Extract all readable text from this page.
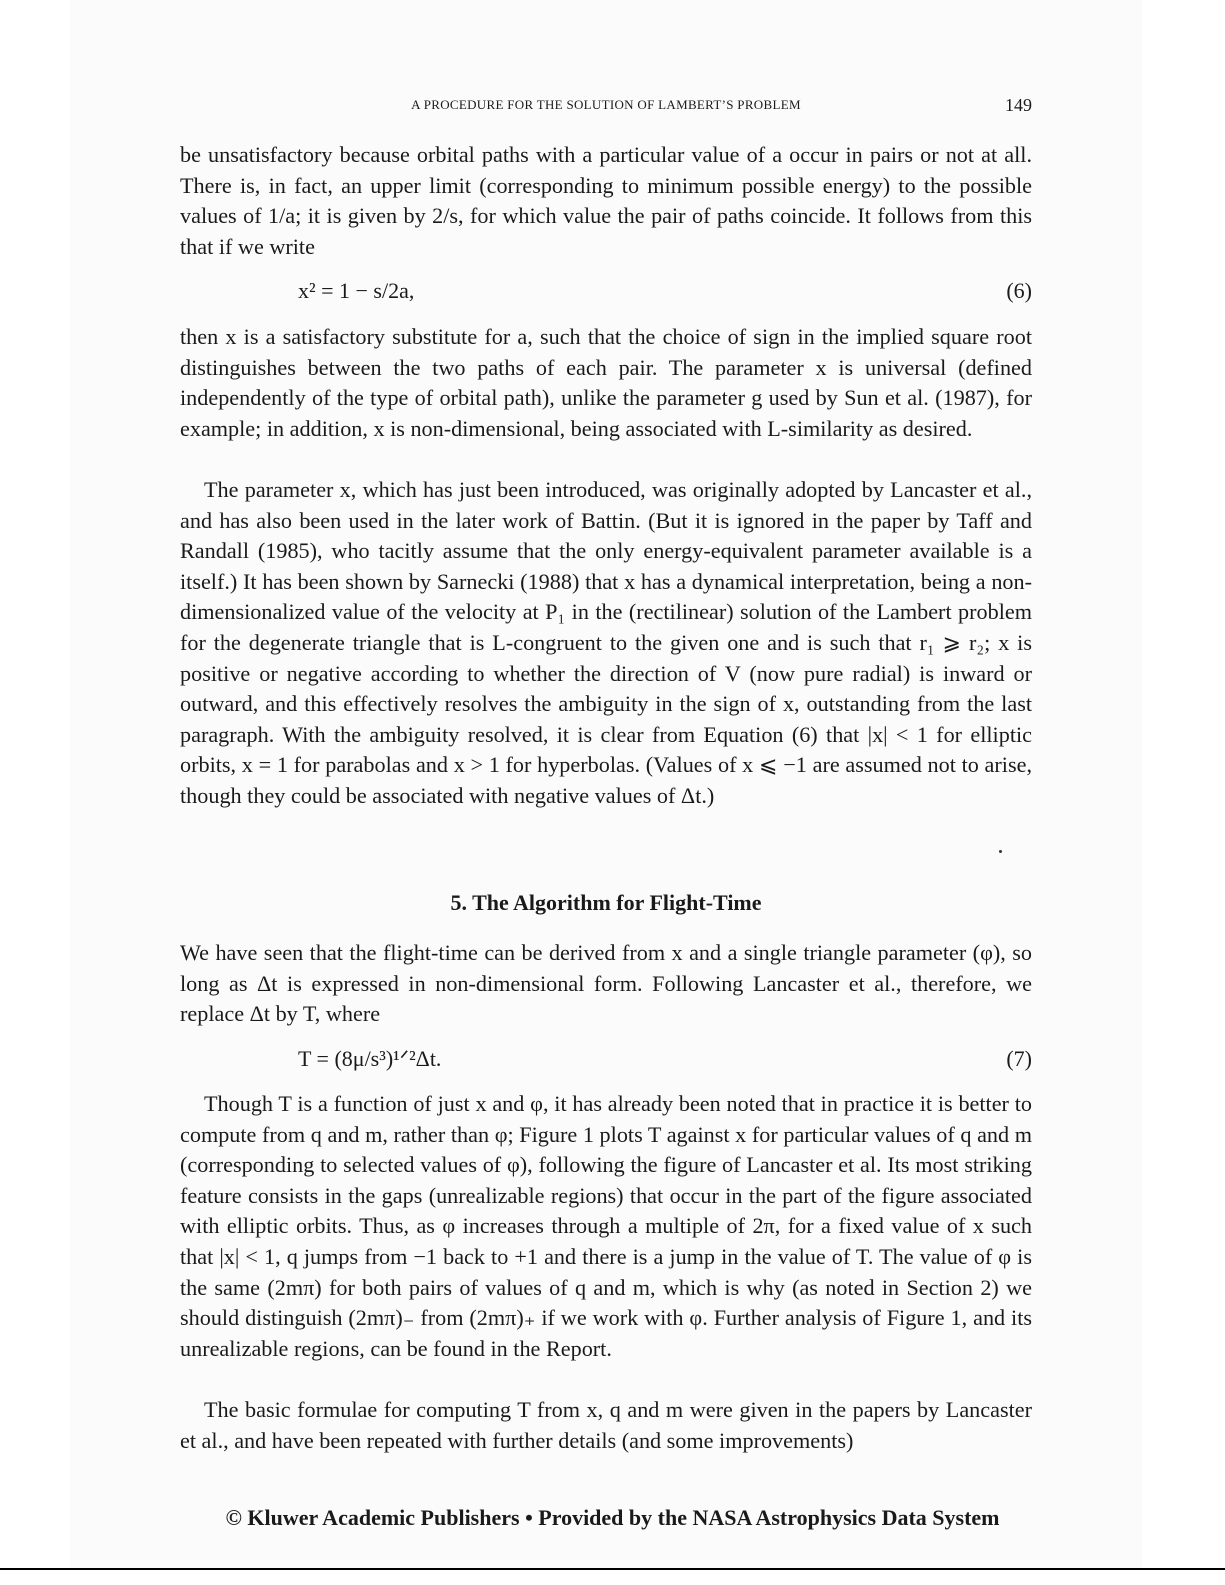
A PROCEDURE FOR THE SOLUTION OF LAMBERT’S PROBLEM	149

be unsatisfactory because orbital paths with a particular value of a occur in pairs or not at all. There is, in fact, an upper limit (corresponding to minimum possible energy) to the possible values of 1/a; it is given by 2/s, for which value the pair of paths coincide. It follows from this that if we write

x² = 1 − s/2a,	(6)

then x is a satisfactory substitute for a, such that the choice of sign in the implied square root distinguishes between the two paths of each pair. The parameter x is universal (defined independently of the type of orbital path), unlike the parameter g used by Sun et al. (1987), for example; in addition, x is non-dimensional, being associated with L-similarity as desired.

The parameter x, which has just been introduced, was originally adopted by Lancaster et al., and has also been used in the later work of Battin. (But it is ignored in the paper by Taff and Randall (1985), who tacitly assume that the only energy-equivalent parameter available is a itself.) It has been shown by Sarnecki (1988) that x has a dynamical interpretation, being a non-dimensionalized value of the velocity at P₁ in the (rectilinear) solution of the Lambert problem for the degenerate triangle that is L-congruent to the given one and is such that r₁ ⩾ r₂; x is positive or negative according to whether the direction of V (now pure radial) is inward or outward, and this effectively resolves the ambiguity in the sign of x, outstanding from the last paragraph. With the ambiguity resolved, it is clear from Equation (6) that |x| < 1 for elliptic orbits, x = 1 for parabolas and x > 1 for hyperbolas. (Values of x ⩽ −1 are assumed not to arise, though they could be associated with negative values of Δt.)

5. The Algorithm for Flight-Time

We have seen that the flight-time can be derived from x and a single triangle parameter (φ), so long as Δt is expressed in non-dimensional form. Following Lancaster et al., therefore, we replace Δt by T, where

T = (8μ/s³)¹ᐟ²Δt.	(7)

Though T is a function of just x and φ, it has already been noted that in practice it is better to compute from q and m, rather than φ; Figure 1 plots T against x for particular values of q and m (corresponding to selected values of φ), following the figure of Lancaster et al. Its most striking feature consists in the gaps (unrealizable regions) that occur in the part of the figure associated with elliptic orbits. Thus, as φ increases through a multiple of 2π, for a fixed value of x such that |x| < 1, q jumps from −1 back to +1 and there is a jump in the value of T. The value of φ is the same (2mπ) for both pairs of values of q and m, which is why (as noted in Section 2) we should distinguish (2mπ)₋ from (2mπ)₊ if we work with φ. Further analysis of Figure 1, and its unrealizable regions, can be found in the Report.

The basic formulae for computing T from x, q and m were given in the papers by Lancaster et al., and have been repeated with further details (and some improvements)

© Kluwer Academic Publishers • Provided by the NASA Astrophysics Data System
